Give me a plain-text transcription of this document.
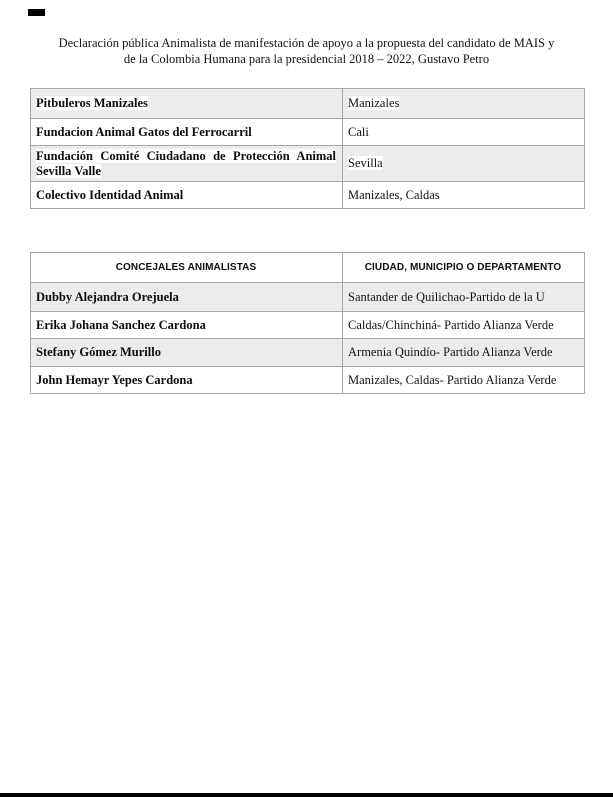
Declaración pública Animalista de manifestación de apoyo a la propuesta del candidato de MAIS y
de la Colombia Humana para la presidencial 2018 – 2022, Gustavo Petro
Pitbuleros Manizales	Manizales
Fundacion Animal Gatos del Ferrocarril	Cali
Fundación Comité Ciudadano de Protección Animal Sevilla Valle	Sevilla
Colectivo Identidad Animal	Manizales, Caldas
CONCEJALES ANIMALISTAS	CIUDAD, MUNICIPIO O DEPARTAMENTO
Dubby Alejandra Orejuela	Santander de Quilichao-Partido de la U
Erika Johana Sanchez Cardona	Caldas/Chinchiná- Partido Alianza Verde
Stefany Gómez Murillo	Armenia Quindío- Partido Alianza Verde
John Hemayr Yepes Cardona	Manizales, Caldas- Partido Alianza Verde
